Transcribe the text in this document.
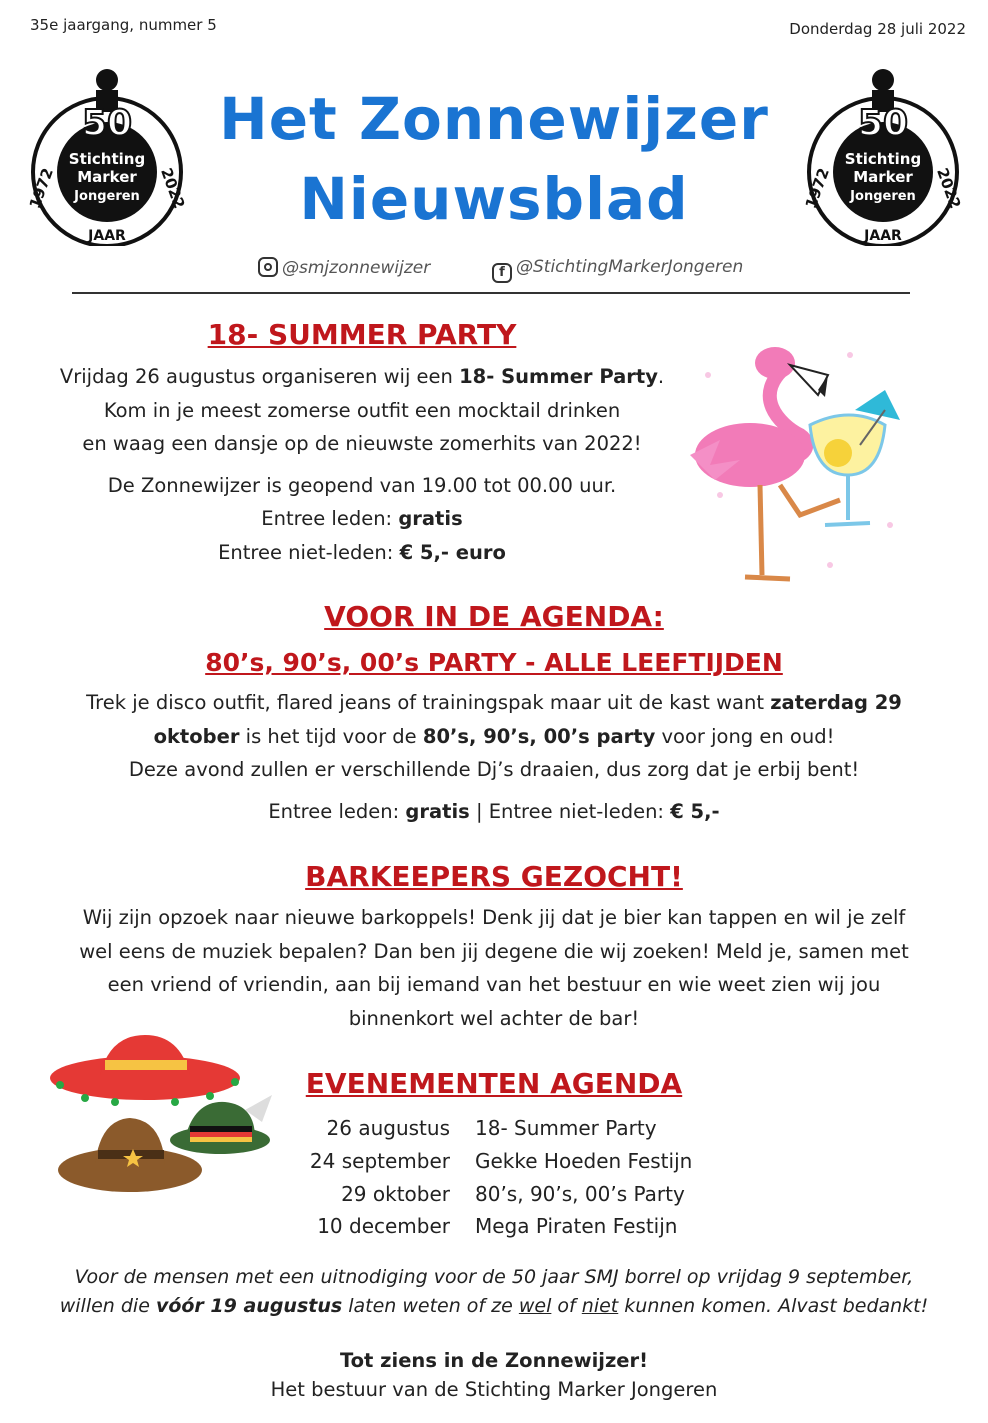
35e jaargang, nummer 5	Donderdag 28 juli 2022
50
Stichting
Marker
Jongeren
JAAR
1972	2022
50
Stichting
Marker
Jongeren
JAAR
1972	2022
Het Zonnewijzer
Nieuwsblad
@smjzonnewijzer	f @StichtingMarkerJongeren
18- SUMMER PARTY
Vrijdag 26 augustus organiseren wij een 18- Summer Party.
Kom in je meest zomerse outfit een mocktail drinken
en waag een dansje op de nieuwste zomerhits van 2022!
De Zonnewijzer is geopend van 19.00 tot 00.00 uur.
Entree leden: gratis
Entree niet-leden: € 5,- euro
VOOR IN DE AGENDA:
80’s, 90’s, 00’s PARTY - ALLE LEEFTIJDEN
Trek je disco outfit, flared jeans of trainingspak maar uit de kast want zaterdag 29
oktober is het tijd voor de 80’s, 90’s, 00’s party voor jong en oud!
Deze avond zullen er verschillende Dj’s draaien, dus zorg dat je erbij bent!
Entree leden: gratis | Entree niet-leden: € 5,-
BARKEEPERS GEZOCHT!
Wij zijn opzoek naar nieuwe barkoppels! Denk jij dat je bier kan tappen en wil je zelf
wel eens de muziek bepalen? Dan ben jij degene die wij zoeken! Meld je, samen met
een vriend of vriendin, aan bij iemand van het bestuur en wie weet zien wij jou
binnenkort wel achter de bar!
EVENEMENTEN AGENDA
26 augustus 18- Summer Party
24 september Gekke Hoeden Festijn
29 oktober 80’s, 90’s, 00’s Party
10 december Mega Piraten Festijn
Voor de mensen met een uitnodiging voor de 50 jaar SMJ borrel op vrijdag 9 september,
willen die vóór 19 augustus laten weten of ze wel of niet kunnen komen. Alvast bedankt!
Tot ziens in de Zonnewijzer!
Het bestuur van de Stichting Marker Jongeren
